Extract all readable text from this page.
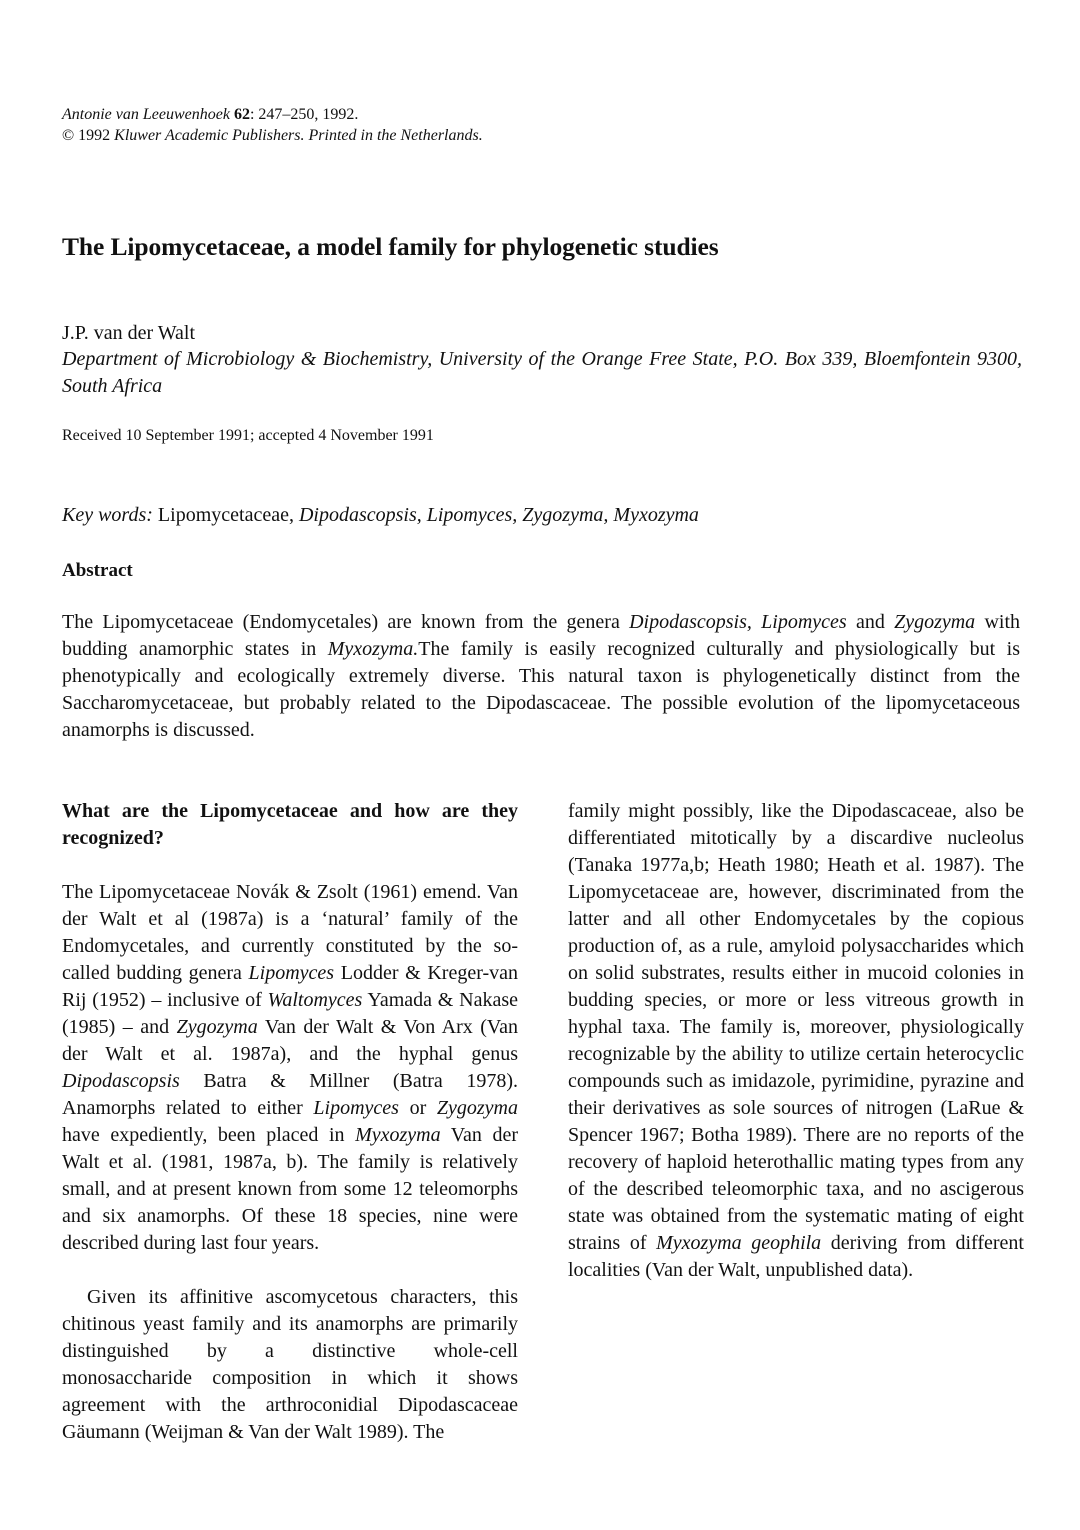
Antonie van Leeuwenhoek 62: 247–250, 1992.
© 1992 Kluwer Academic Publishers. Printed in the Netherlands.
The Lipomycetaceae, a model family for phylogenetic studies
J.P. van der Walt
Department of Microbiology & Biochemistry, University of the Orange Free State, P.O. Box 339, Bloemfontein 9300, South Africa
Received 10 September 1991; accepted 4 November 1991
Key words: Lipomycetaceae, Dipodascopsis, Lipomyces, Zygozyma, Myxozyma
Abstract

The Lipomycetaceae (Endomycetales) are known from the genera Dipodascopsis, Lipomyces and Zygozyma with budding anamorphic states in Myxozyma.The family is easily recognized culturally and physiologically but is phenotypically and ecologically extremely diverse. This natural taxon is phylogenetically distinct from the Saccharomycetaceae, but probably related to the Dipodascaceae. The possible evolution of the lipomycetaceous anamorphs is discussed.

What are the Lipomycetaceae and how are they recognized?

The Lipomycetaceae Novák & Zsolt (1961) emend. Van der Walt et al (1987a) is a ‘natural’ family of the Endomycetales, and currently constituted by the so-called budding genera Lipomyces Lodder & Kreger-van Rij (1952) – inclusive of Waltomyces Yamada & Nakase (1985) – and Zygozyma Van der Walt & Von Arx (Van der Walt et al. 1987a), and the hyphal genus Dipodascopsis Batra & Millner (Batra 1978). Anamorphs related to either Lipomyces or Zygozyma have expediently, been placed in Myxozyma Van der Walt et al. (1981, 1987a, b). The family is relatively small, and at present known from some 12 teleomorphs and six anamorphs. Of these 18 species, nine were described during last four years.

Given its affinitive ascomycetous characters, this chitinous yeast family and its anamorphs are primarily distinguished by a distinctive whole-cell monosaccharide composition in which it shows agreement with the arthroconidial Dipodascaceae Gäumann (Weijman & Van der Walt 1989). The

family might possibly, like the Dipodascaceae, also be differentiated mitotically by a discardive nucleolus (Tanaka 1977a,b; Heath 1980; Heath et al. 1987). The Lipomycetaceae are, however, discriminated from the latter and all other Endomycetales by the copious production of, as a rule, amyloid polysaccharides which on solid substrates, results either in mucoid colonies in budding species, or more or less vitreous growth in hyphal taxa. The family is, moreover, physiologically recognizable by the ability to utilize certain heterocyclic compounds such as imidazole, pyrimidine, pyrazine and their derivatives as sole sources of nitrogen (LaRue & Spencer 1967; Botha 1989). There are no reports of the recovery of haploid heterothallic mating types from any of the described teleomorphic taxa, and no ascigerous state was obtained from the systematic mating of eight strains of Myxozyma geophila deriving from different localities (Van der Walt, unpublished data).
